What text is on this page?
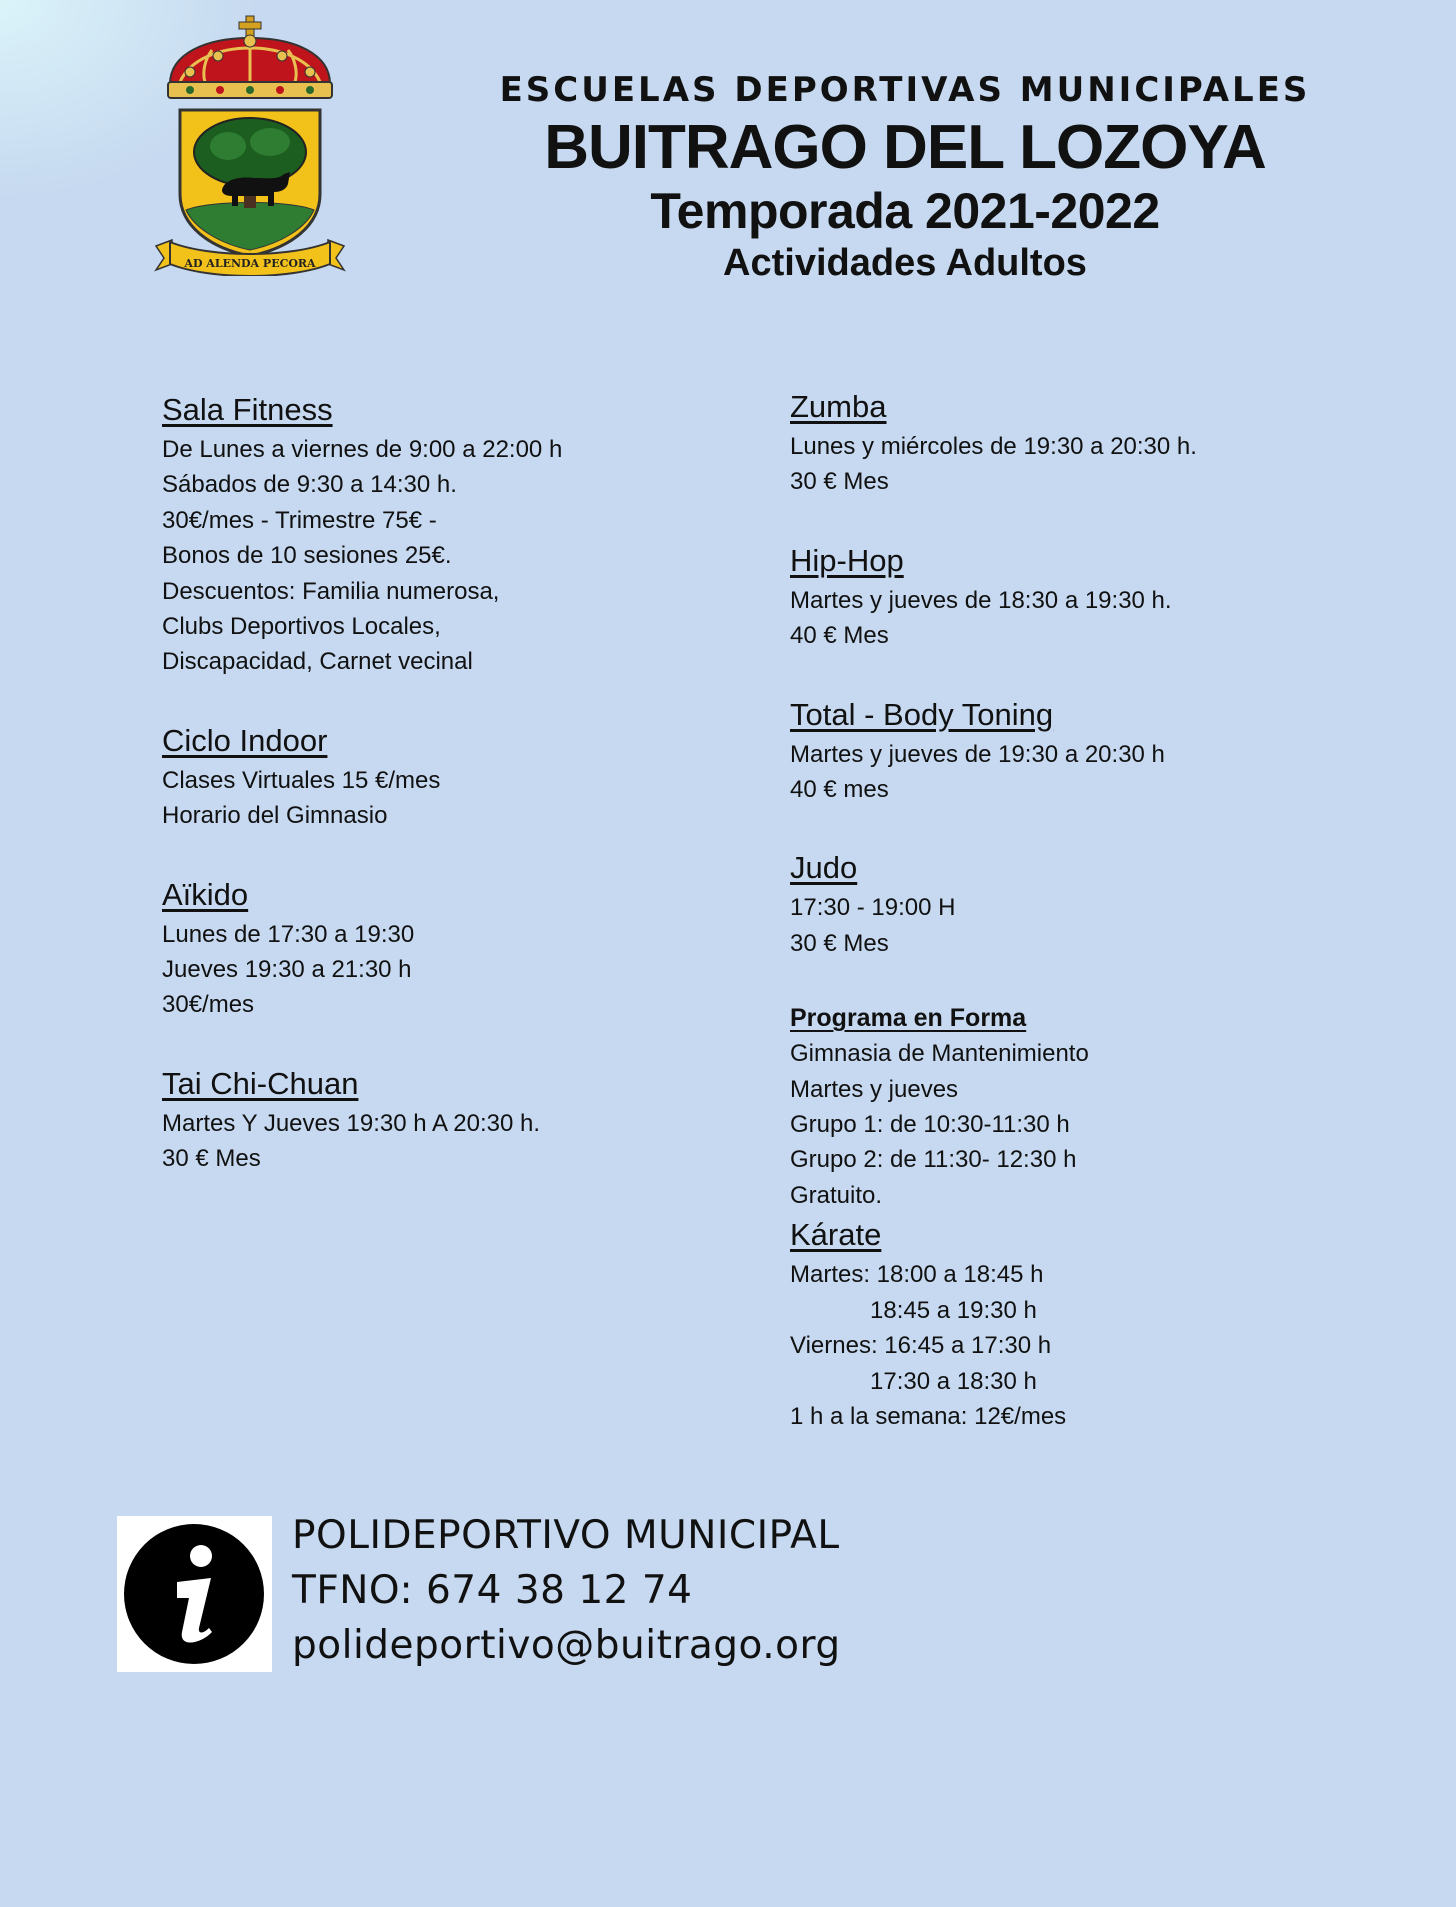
AD ALENDA PECORA
ESCUELAS DEPORTIVAS MUNICIPALES
BUITRAGO DEL LOZOYA
Temporada 2021-2022
Actividades Adultos
Sala Fitness
De Lunes a viernes de 9:00 a 22:00 h
Sábados de 9:30 a 14:30 h.
30€/mes - Trimestre 75€ -
Bonos de 10 sesiones 25€.
Descuentos: Familia numerosa,
Clubs Deportivos Locales,
Discapacidad, Carnet vecinal
Ciclo Indoor
Clases Virtuales 15 €/mes
Horario del Gimnasio
Aïkido
Lunes de 17:30 a 19:30
Jueves 19:30 a 21:30 h
30€/mes
Tai Chi-Chuan
Martes Y Jueves 19:30 h A 20:30 h.
30 € Mes
Zumba
Lunes y miércoles de 19:30 a 20:30 h.
30 € Mes
Hip-Hop
Martes y jueves de 18:30 a 19:30 h.
40 € Mes
Total - Body Toning
Martes y jueves de 19:30 a 20:30 h
40 € mes
Judo
17:30 - 19:00 H
30 € Mes
Programa en Forma
Gimnasia de Mantenimiento
Martes y jueves
Grupo 1: de 10:30-11:30 h
Grupo 2: de 11:30- 12:30 h
Gratuito.
Kárate
Martes: 18:00 a 18:45 h
18:45 a 19:30 h
Viernes: 16:45 a 17:30 h
17:30 a 18:30 h
1 h a la semana: 12€/mes
POLIDEPORTIVO MUNICIPAL
TFNO: 674 38 12 74
polideportivo@buitrago.org
